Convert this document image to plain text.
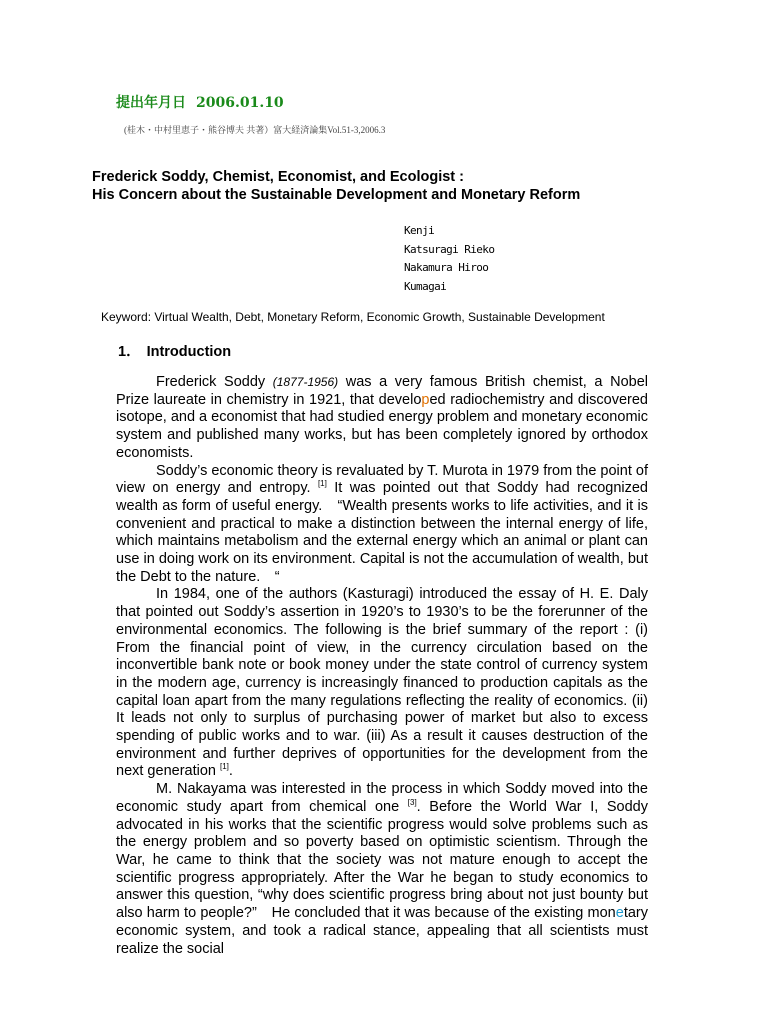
提出年月日 2006.01.10
(桂木・中村里恵子・熊谷博夫 共著）富大経済論集Vol.51-3,2006.3
Frederick Soddy, Chemist, Economist, and Ecologist :
His Concern about the Sustainable Development and Monetary Reform
Kenji
Katsuragi Rieko
Nakamura Hiroo
Kumagai
Keyword: Virtual Wealth, Debt, Monetary Reform, Economic Growth, Sustainable Development
1． Introduction

Frederick Soddy (1877-1956) was a very famous British chemist, a Nobel Prize laureate in chemistry in 1921, that developed radiochemistry and discovered isotope, and a economist that had studied energy problem and monetary economic system and published many works, but has been completely ignored by orthodox economists.

Soddy’s economic theory is revaluated by T. Murota in 1979 from the point of view on energy and entropy. [1] It was pointed out that Soddy had recognized wealth as form of useful energy.　“Wealth presents works to life activities, and it is convenient and practical to make a distinction between the internal energy of life, which maintains metabolism and the external energy which an animal or plant can use in doing work on its environment. Capital is not the accumulation of wealth, but the Debt to the nature.　“

In 1984, one of the authors (Kasturagi) introduced the essay of H. E. Daly that pointed out Soddy’s assertion in 1920’s to 1930’s to be the forerunner of the environmental economics. The following is the brief summary of the report : (i) From the financial point of view, in the currency circulation based on the inconvertible bank note or book money under the state control of currency system in the modern age, currency is increasingly financed to production capitals as the capital loan apart from the many regulations reflecting the reality of economics. (ii) It leads not only to surplus of purchasing power of market but also to excess spending of public works and to war. (iii) As a result it causes destruction of the environment and further deprives of opportunities for the development from the next generation [1].

M. Nakayama was interested in the process in which Soddy moved into the economic study apart from chemical one [3]. Before the World War I, Soddy advocated in his works that the scientific progress would solve problems such as the energy problem and so poverty based on optimistic scientism. Through the War, he came to think that the society was not mature enough to accept the scientific progress appropriately. After the War he began to study economics to answer this question, “why does scientific progress bring about not just bounty but also harm to people?”　He concluded that it was because of the existing monetary economic system, and took a radical stance, appealing that all scientists must realize the social
